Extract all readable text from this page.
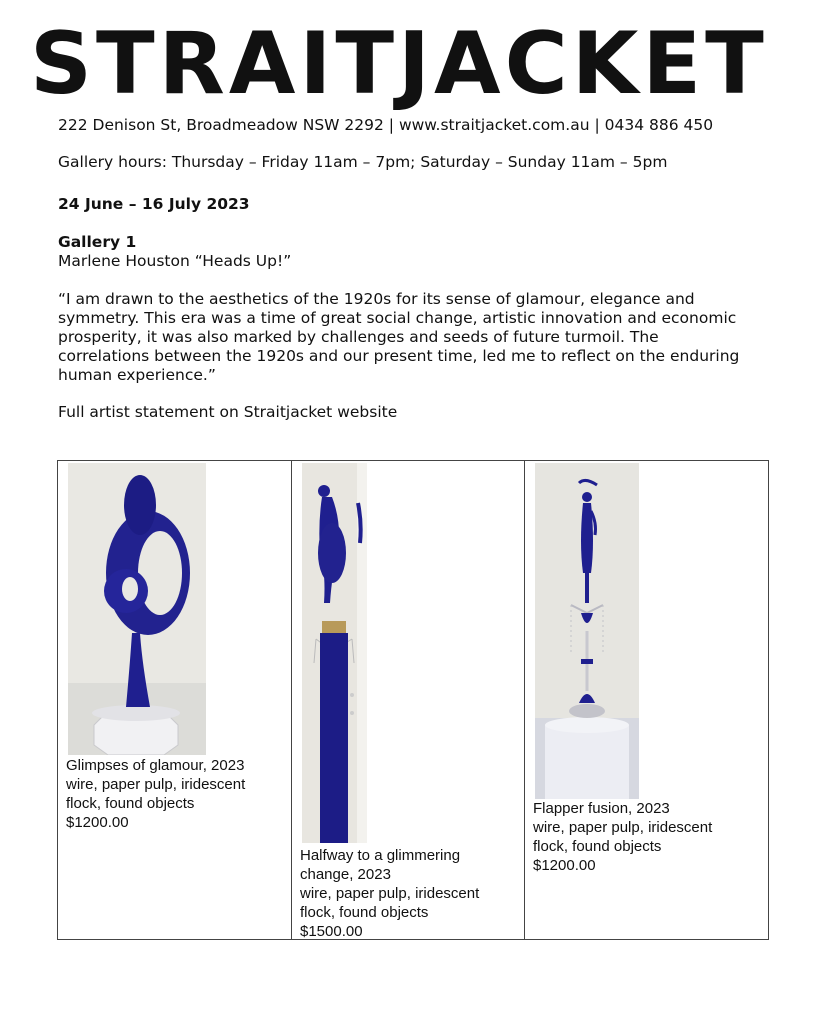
STRAITJACKET
222 Denison St, Broadmeadow NSW 2292 | www.straitjacket.com.au | 0434 886 450
Gallery hours: Thursday – Friday 11am – 7pm; Saturday – Sunday 11am – 5pm
24 June – 16 July 2023
Gallery 1
Marlene Houston “Heads Up!”
“I am drawn to the aesthetics of the 1920s for its sense of glamour, elegance and
symmetry. This era was a time of great social change, artistic innovation and economic
prosperity, it was also marked by challenges and seeds of future turmoil. The
correlations between the 1920s and our present time, led me to reflect on the enduring
human experience.”
Full artist statement on Straitjacket website
Glimpses of glamour, 2023
wire, paper pulp, iridescent
flock, found objects
$1200.00

Halfway to a glimmering
change, 2023
wire, paper pulp, iridescent
flock, found objects
$1500.00

Flapper fusion, 2023
wire, paper pulp, iridescent
flock, found objects
$1200.00
